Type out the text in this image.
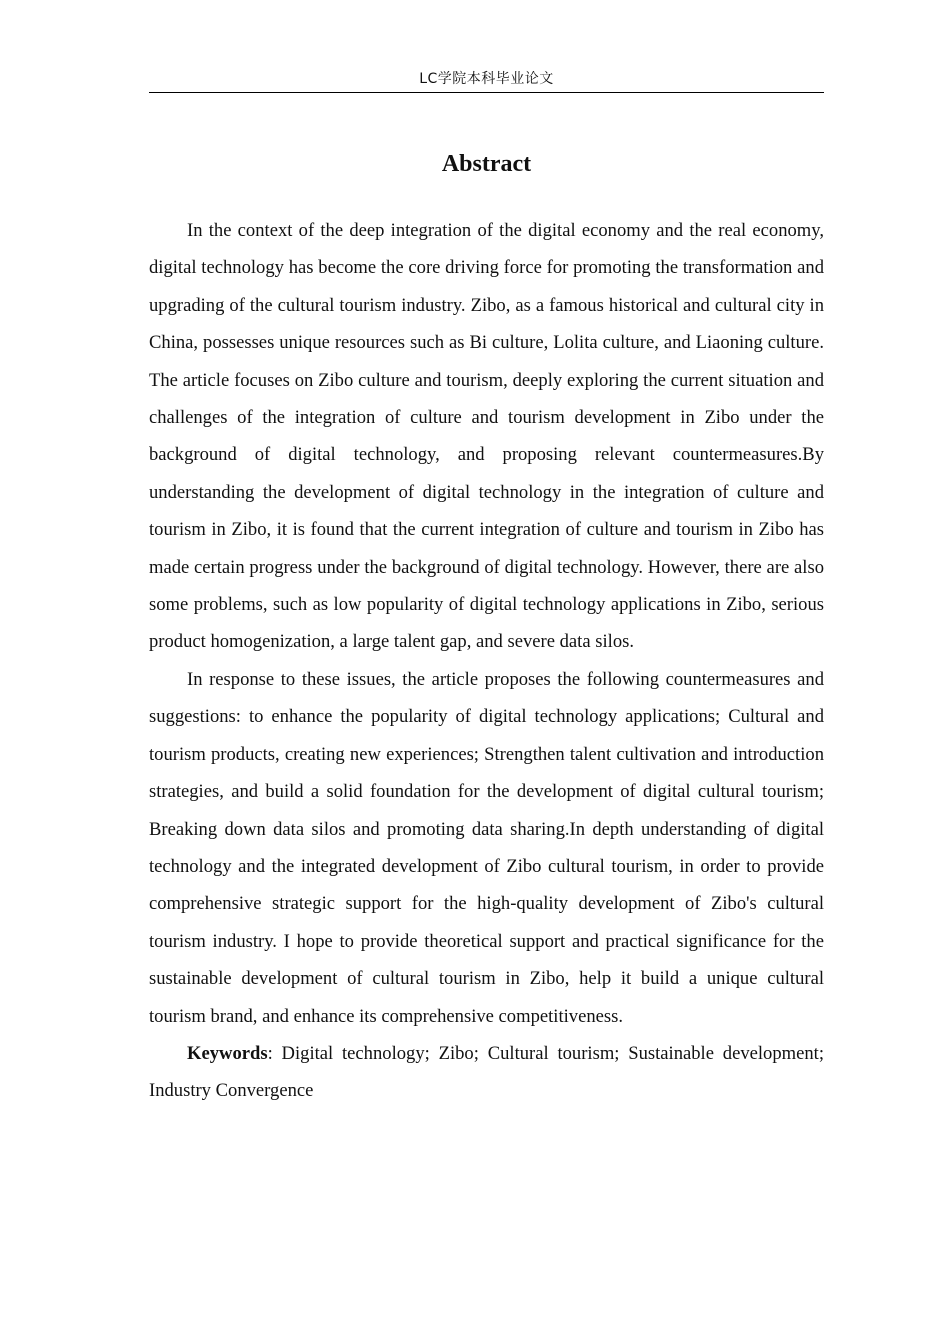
LC学院本科毕业论文
Abstract

In the context of the deep integration of the digital economy and the real economy, digital technology has become the core driving force for promoting the transformation and upgrading of the cultural tourism industry. Zibo, as a famous historical and cultural city in China, possesses unique resources such as Bi culture, Lolita culture, and Liaoning culture. The article focuses on Zibo culture and tourism, deeply exploring the current situation and challenges of the integration of culture and tourism development in Zibo under the background of digital technology, and proposing relevant countermeasures.By understanding the development of digital technology in the integration of culture and tourism in Zibo, it is found that the current integration of culture and tourism in Zibo has made certain progress under the background of digital technology. However, there are also some problems, such as low popularity of digital technology applications in Zibo, serious product homogenization, a large talent gap, and severe data silos.

In response to these issues, the article proposes the following countermeasures and suggestions: to enhance the popularity of digital technology applications; Cultural and tourism products, creating new experiences; Strengthen talent cultivation and introduction strategies, and build a solid foundation for the development of digital cultural tourism; Breaking down data silos and promoting data sharing.In depth understanding of digital technology and the integrated development of Zibo cultural tourism, in order to provide comprehensive strategic support for the high-quality development of Zibo's cultural tourism industry. I hope to provide theoretical support and practical significance for the sustainable development of cultural tourism in Zibo, help it build a unique cultural tourism brand, and enhance its comprehensive competitiveness.

Keywords: Digital technology; Zibo; Cultural tourism; Sustainable development; Industry Convergence
